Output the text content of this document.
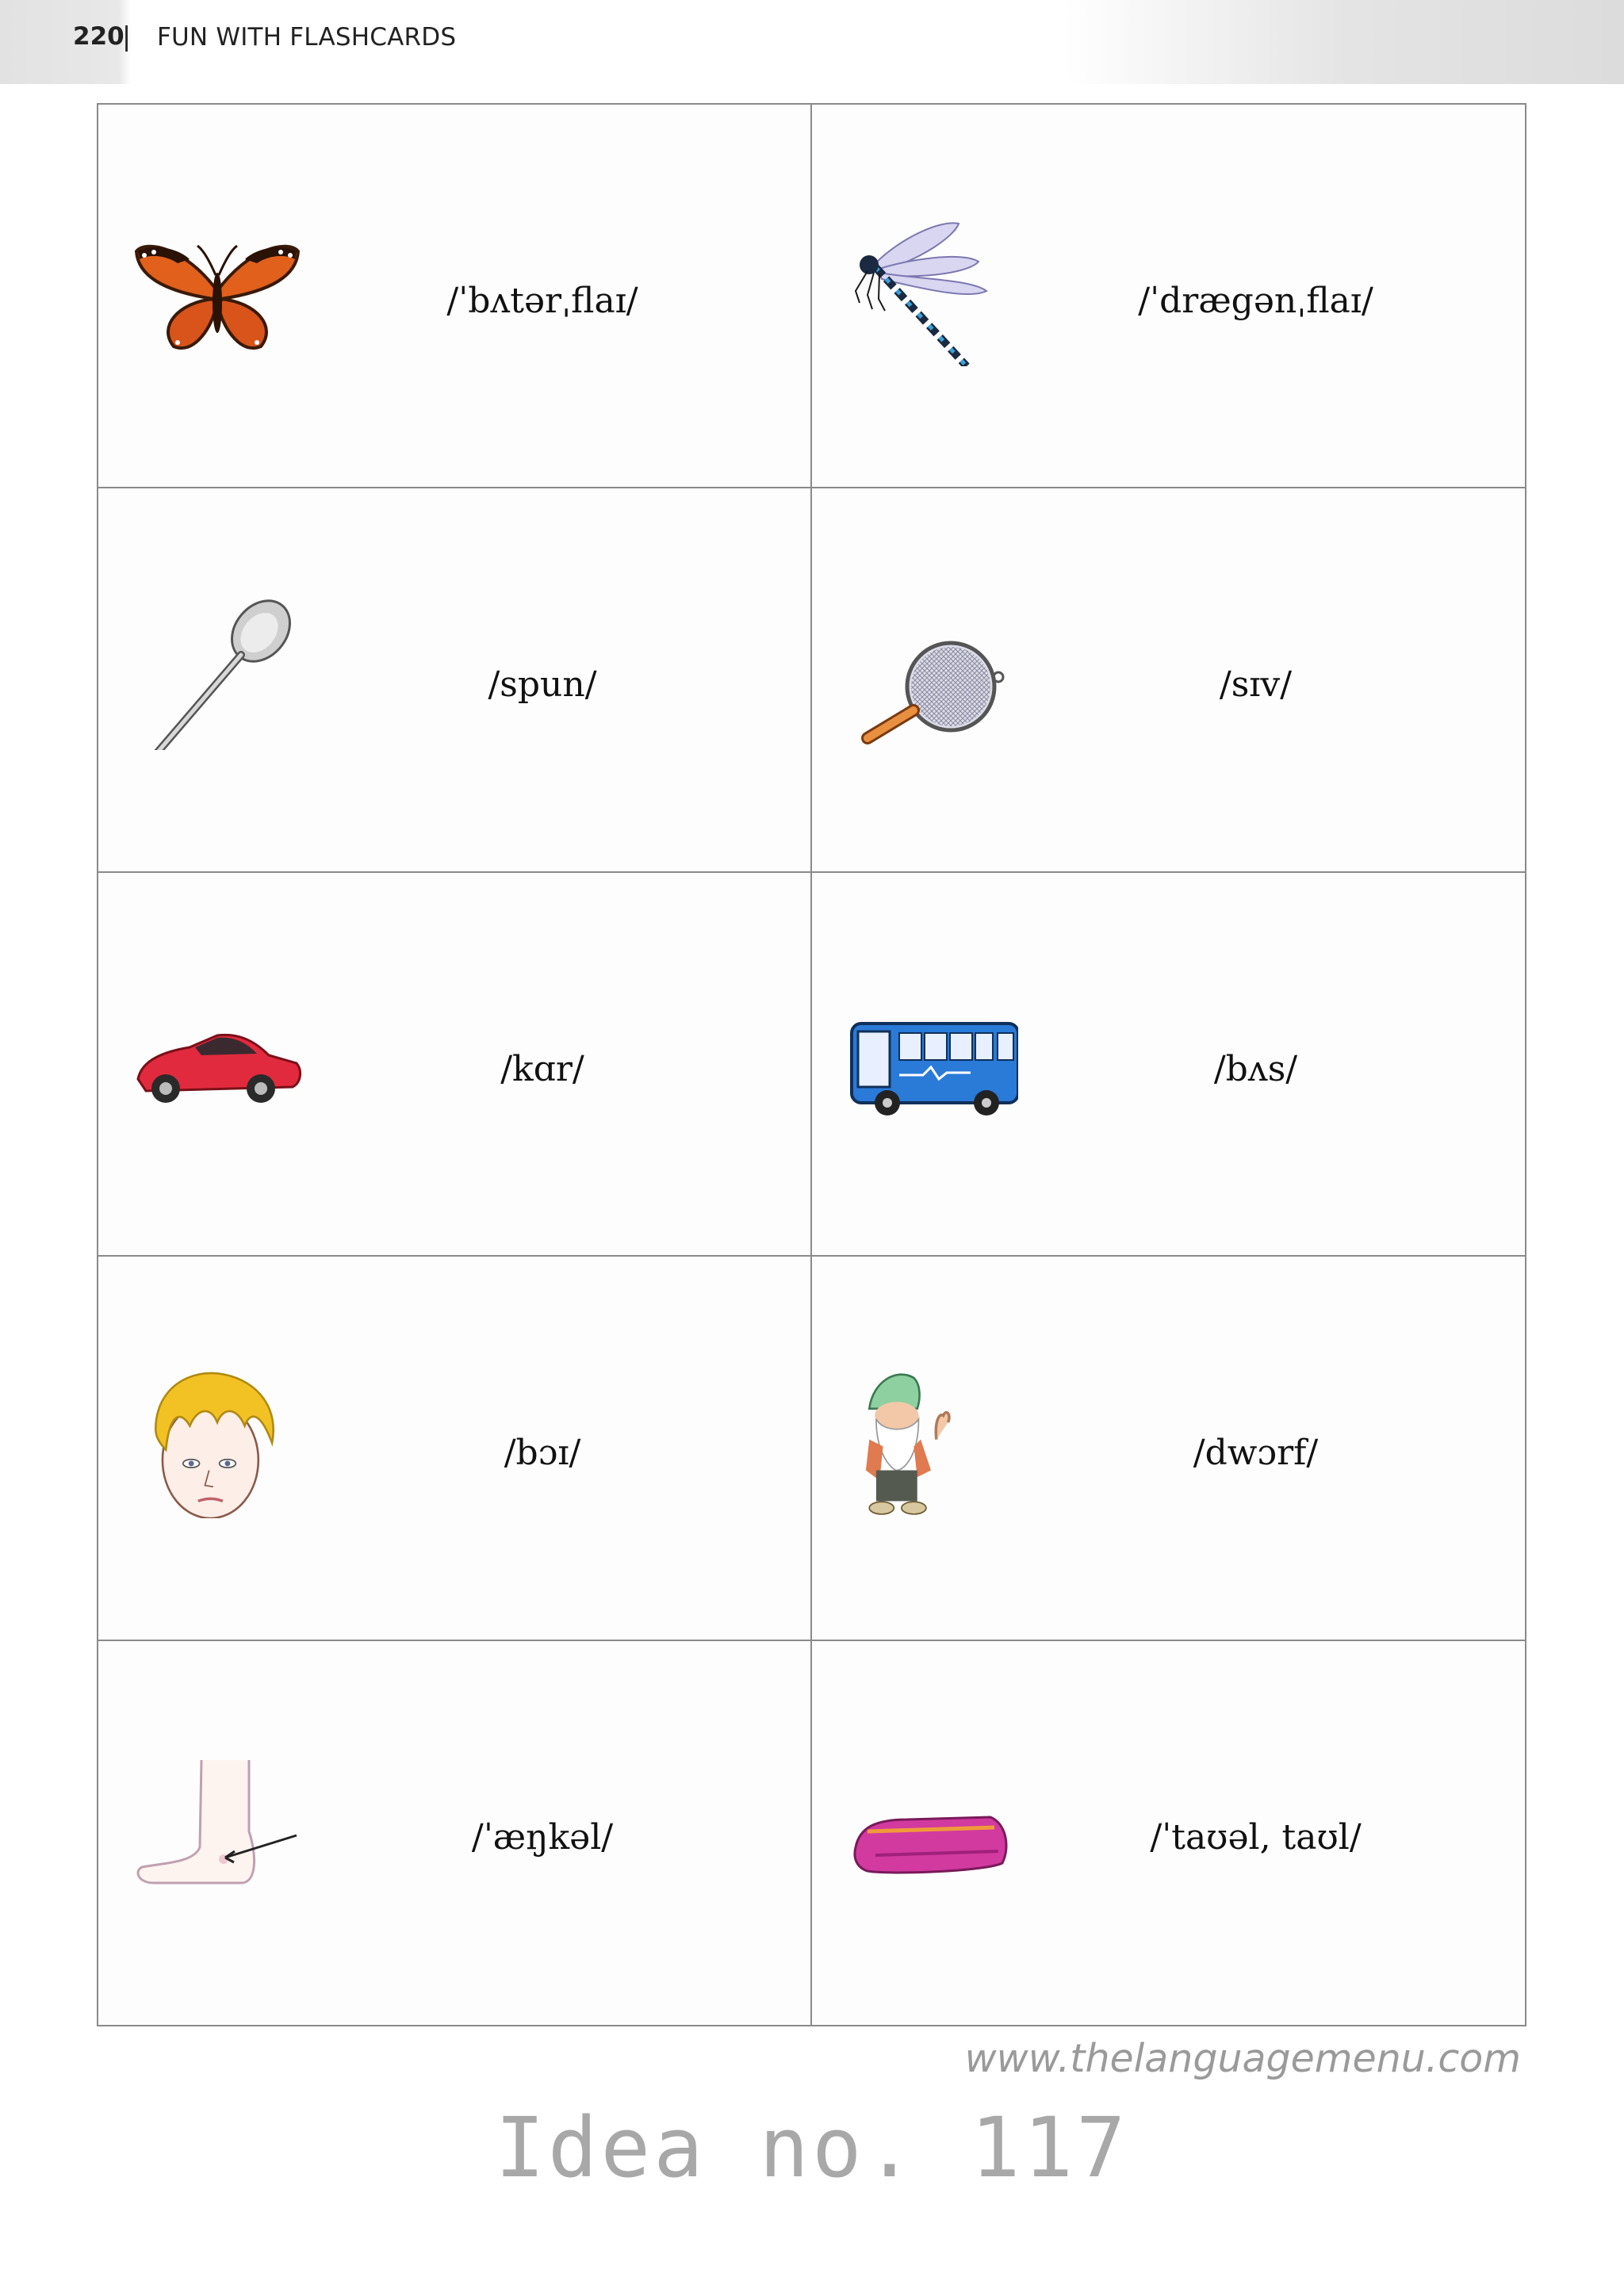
220
| FUN WITH FLASHCARDS
/ˈbʌtərˌflaɪ/	/ˈdrægənˌflaɪ/
/spun/	/sɪv/
/kɑr/	/bʌs/
/bɔɪ/	/dwɔrf/
/ˈæŋkəl/	/ˈtaʊəl, taʊl/
www.thelanguagemenu.com
Idea no. 117
